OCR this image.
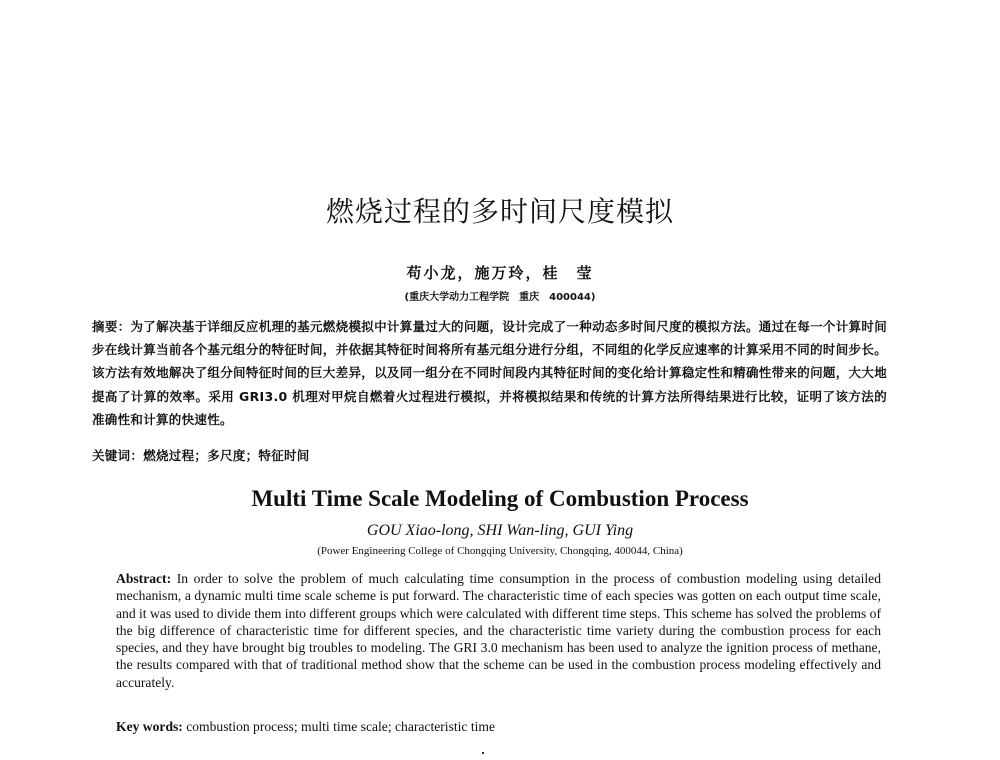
燃烧过程的多时间尺度模拟
苟小龙，施万玲，桂　莹
(重庆大学动力工程学院　重庆　400044)
摘要：为了解决基于详细反应机理的基元燃烧模拟中计算量过大的问题，设计完成了一种动态多时间尺度的模拟方法。通过在每一个计算时间步在线计算当前各个基元组分的特征时间，并依据其特征时间将所有基元组分进行分组，不同组的化学反应速率的计算采用不同的时间步长。该方法有效地解决了组分间特征时间的巨大差异，以及同一组分在不同时间段内其特征时间的变化给计算稳定性和精确性带来的问题，大大地提高了计算的效率。采用 GRI3.0 机理对甲烷自燃着火过程进行模拟，并将模拟结果和传统的计算方法所得结果进行比较，证明了该方法的准确性和计算的快速性。
关键词：燃烧过程；多尺度；特征时间
Multi Time Scale Modeling of Combustion Process
GOU Xiao-long, SHI Wan-ling, GUI Ying
(Power Engineering College of Chongqing University, Chongqing, 400044, China)
Abstract: In order to solve the problem of much calculating time consumption in the process of combustion modeling using detailed mechanism, a dynamic multi time scale scheme is put forward. The characteristic time of each species was gotten on each output time scale, and it was used to divide them into different groups which were calculated with different time steps. This scheme has solved the problems of the big difference of characteristic time for different species, and the characteristic time variety during the combustion process for each species, and they have brought big troubles to modeling. The GRI 3.0 mechanism has been used to analyze the ignition process of methane, the results compared with that of traditional method show that the scheme can be used in the combustion process modeling effectively and accurately.
Key words: combustion process; multi time scale; characteristic time
